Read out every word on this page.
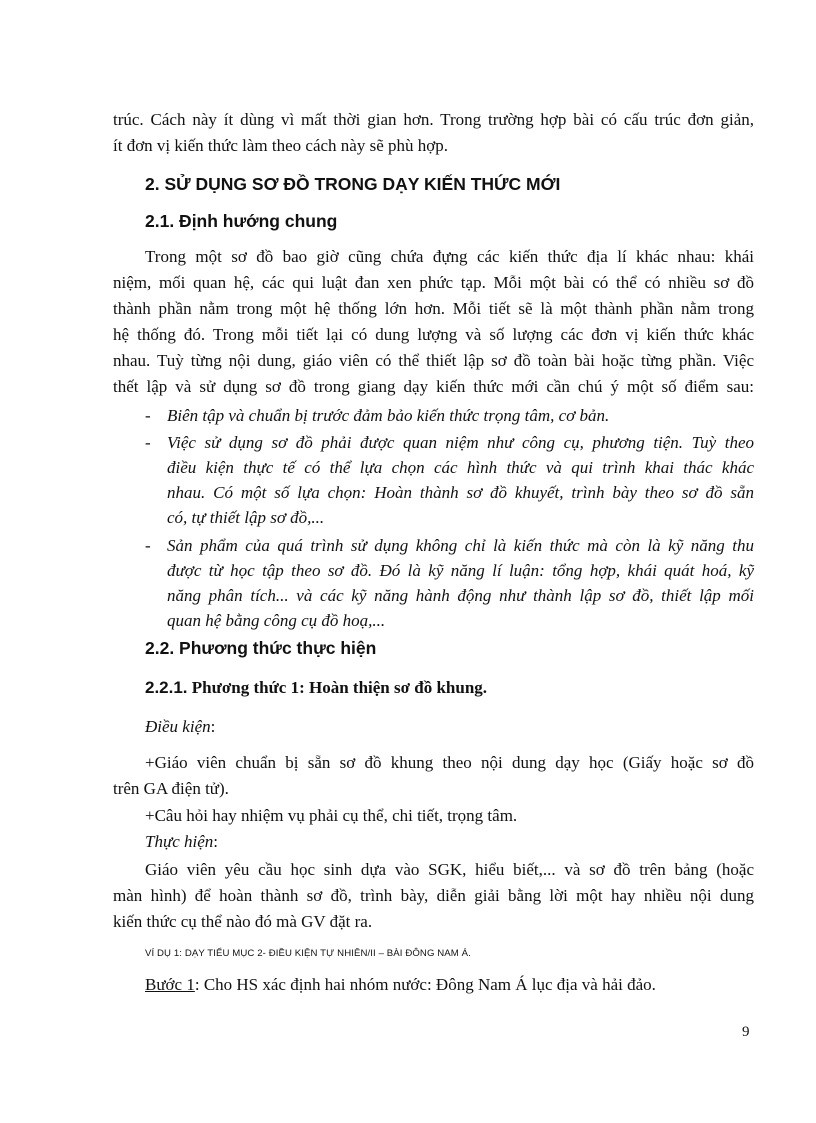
trúc. Cách này ít dùng vì mất thời gian hơn. Trong trường hợp bài có cấu trúc đơn giản,
ít đơn vị kiến thức làm theo cách này sẽ phù hợp.
2. SỬ DỤNG SƠ ĐỒ TRONG DẠY KIẾN THỨC MỚI
2.1. Định hướng chung
Trong một sơ đồ bao giờ cũng chứa đựng các kiến thức địa lí khác nhau: khái
niệm, mối quan hệ, các qui luật đan xen phức tạp. Mỗi một bài có thể có nhiều sơ đồ
thành phần nằm trong một hệ thống lớn hơn. Mỗi tiết sẽ là một thành phần nằm trong
hệ thống đó. Trong mỗi tiết lại có dung lượng và số lượng các đơn vị kiến thức khác
nhau. Tuỳ từng nội dung, giáo viên có thể thiết lập sơ đồ toàn bài hoặc từng phần. Việc
thết lập và sử dụng sơ đồ trong giang dạy kiến thức mới cần chú ý một số điểm sau:
- Biên tập và chuẩn bị trước đảm bảo kiến thức trọng tâm, cơ bản.
- Việc sử dụng sơ đồ phải được quan niệm như công cụ, phương tiện. Tuỳ theo
điều kiện thực tế có thể lựa chọn các hình thức và qui trình khai thác khác
nhau. Có một số lựa chọn: Hoàn thành sơ đồ khuyết, trình bày theo sơ đồ sẵn
có, tự thiết lập sơ đồ,...
- Sản phẩm của quá trình sử dụng không chỉ là kiến thức mà còn là kỹ năng thu
được từ học tập theo sơ đồ. Đó là kỹ năng lí luận: tổng hợp, khái quát hoá, kỹ
năng phân tích... và các kỹ năng hành động như thành lập sơ đồ, thiết lập mối
quan hệ bằng công cụ đồ hoạ,...
2.2. Phương thức thực hiện
2.2.1. Phương thức 1: Hoàn thiện sơ đồ khung.
Điều kiện:
+Giáo viên chuẩn bị sẵn sơ đồ khung theo nội dung dạy học (Giấy hoặc sơ đồ
trên GA điện tử).
+Câu hỏi hay nhiệm vụ phải cụ thể, chi tiết, trọng tâm.
Thực hiện:
Giáo viên yêu cầu học sinh dựa vào SGK, hiểu biết,... và sơ đồ trên bảng (hoặc
màn hình) để hoàn thành sơ đồ, trình bày, diễn giải bằng lời một hay nhiều nội dung
kiến thức cụ thể nào đó mà GV đặt ra.
VÍ DỤ 1: DẠY TIỂU MỤC 2- ĐIỀU KIỆN TỰ NHIÊN/II – BÀI ĐÔNG NAM Á.
Bước 1: Cho HS xác định hai nhóm nước: Đông Nam Á lục địa và hải đảo.
9
